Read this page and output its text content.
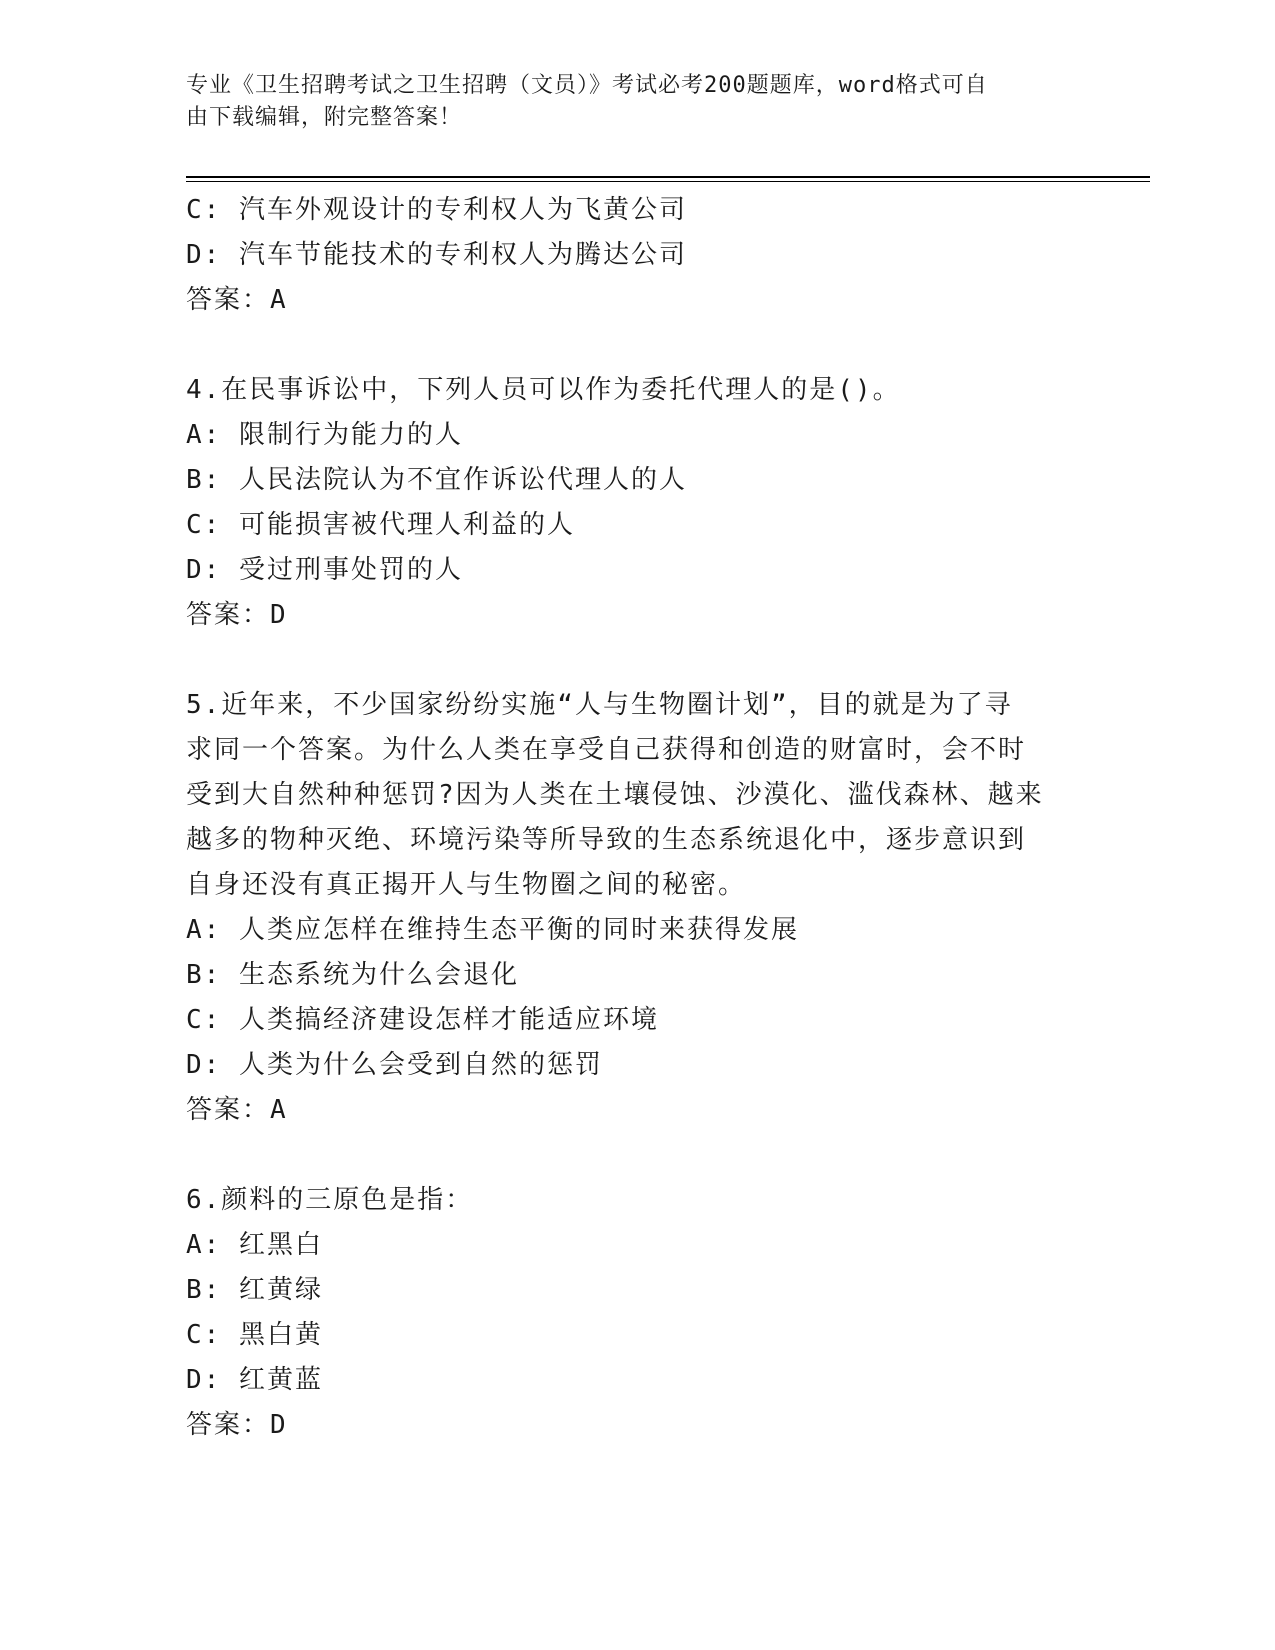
专业《卫生招聘考试之卫生招聘（文员）》考试必考200题题库，word格式可自
由下载编辑，附完整答案！
C: 汽车外观设计的专利权人为飞黄公司
D: 汽车节能技术的专利权人为腾达公司
答案：A
4.在民事诉讼中，下列人员可以作为委托代理人的是()。
A: 限制行为能力的人
B: 人民法院认为不宜作诉讼代理人的人
C: 可能损害被代理人利益的人
D: 受过刑事处罚的人
答案：D
5.近年来，不少国家纷纷实施“人与生物圈计划”，目的就是为了寻
求同一个答案。为什么人类在享受自己获得和创造的财富时，会不时
受到大自然种种惩罚?因为人类在土壤侵蚀、沙漠化、滥伐森林、越来
越多的物种灭绝、环境污染等所导致的生态系统退化中，逐步意识到
自身还没有真正揭开人与生物圈之间的秘密。
A: 人类应怎样在维持生态平衡的同时来获得发展
B: 生态系统为什么会退化
C: 人类搞经济建设怎样才能适应环境
D: 人类为什么会受到自然的惩罚
答案：A
6.颜料的三原色是指：
A: 红黑白
B: 红黄绿
C: 黑白黄
D: 红黄蓝
答案：D
